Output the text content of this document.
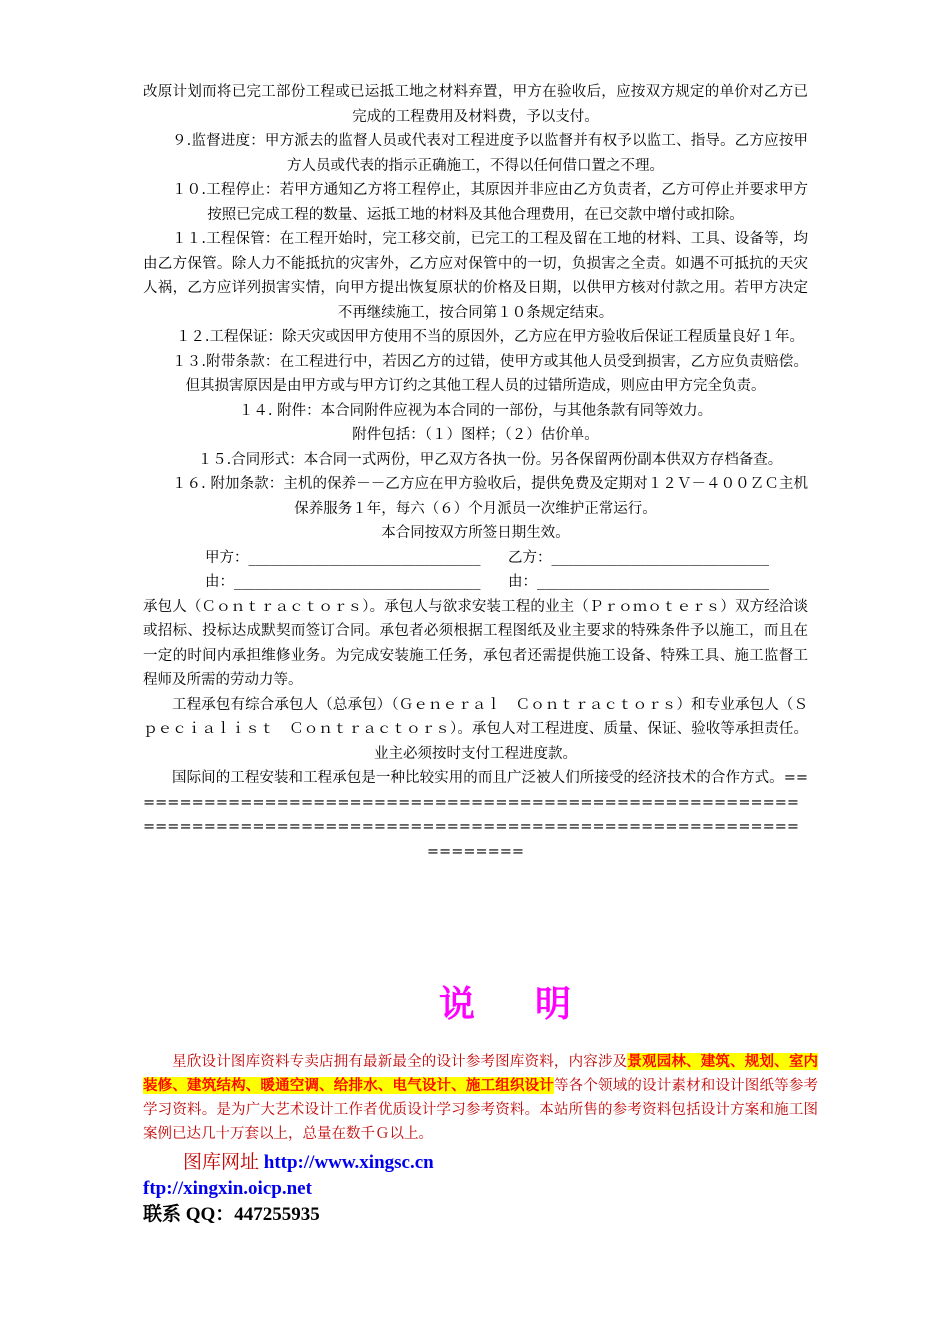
改原计划而将已完工部份工程或已运抵工地之材料弃置，甲方在验收后，应按双方规定的单价对乙方已完成的工程费用及材料费，予以支付。

９.监督进度：甲方派去的监督人员或代表对工程进度予以监督并有权予以监工、指导。乙方应按甲方人员或代表的指示正确施工，不得以任何借口置之不理。

１０.工程停止：若甲方通知乙方将工程停止，其原因并非应由乙方负责者，乙方可停止并要求甲方按照已完成工程的数量、运抵工地的材料及其他合理费用，在已交款中增付或扣除。

１１.工程保管：在工程开始时，完工移交前，已完工的工程及留在工地的材料、工具、设备等，均由乙方保管。除人力不能抵抗的灾害外，乙方应对保管中的一切，负损害之全责。如遇不可抵抗的天灾人祸，乙方应详列损害实情，向甲方提出恢复原状的价格及日期，以供甲方核对付款之用。若甲方决定不再继续施工，按合同第１０条规定结束。

１２.工程保证：除天灾或因甲方使用不当的原因外，乙方应在甲方验收后保证工程质量良好１年。

１３.附带条款：在工程进行中，若因乙方的过错，使甲方或其他人员受到损害，乙方应负责赔偿。但其损害原因是由甲方或与甲方订约之其他工程人员的过错所造成，则应由甲方完全负责。

１４. 附件：本合同附件应视为本合同的一部份，与其他条款有同等效力。

附件包括：（１）图样；（２）估价单。

１５.合同形式：本合同一式两份，甲乙双方各执一份。另各保留两份副本供双方存档备查。

１６. 附加条款：主机的保养－－乙方应在甲方验收后，提供免费及定期对１２Ｖ－４００ＺＣ主机保养服务１年，每六（６）个月派员一次维护正常运行。

本合同按双方所签日期生效。

甲方：________________________________ 乙方：______________________________
由：__________________________________ 由：________________________________

承包人（Ｃｏｎｔｒａｃｔｏｒｓ）。承包人与欲求安装工程的业主（Ｐｒｏｍｏｔｅｒｓ）双方经洽谈或招标、投标达成默契而签订合同。承包者必须根据工程图纸及业主要求的特殊条件予以施工，而且在一定的时间内承担维修业务。为完成安装施工任务，承包者还需提供施工设备、特殊工具、施工监督工程师及所需的劳动力等。

工程承包有综合承包人（总承包）（Ｇｅｎｅｒａｌ　Ｃｏｎｔｒａｃｔｏｒｓ）和专业承包人（Ｓｐｅｃｉａｌｉｓｔ　Ｃｏｎｔｒａｃｔｏｒｓ）。承包人对工程进度、质量、保证、验收等承担责任。业主必须按时支付工程进度款。

国际间的工程安装和工程承包是一种比较实用的而且广泛被人们所接受的经济技术的合作方式。======================================================================================================================

说明
星欣设计图库资料专卖店拥有最新最全的设计参考图库资料，内容涉及景观园林、建筑、规划、室内装修、建筑结构、暖通空调、给排水、电气设计、施工组织设计等各个领域的设计素材和设计图纸等参考学习资料。是为广大艺术设计工作者优质设计学习参考资料。本站所售的参考资料包括设计方案和施工图案例已达几十万套以上，总量在数千Ｇ以上。
图库网址 http://www.xingsc.cn
ftp://xingxin.oicp.net
联系 QQ：447255935
